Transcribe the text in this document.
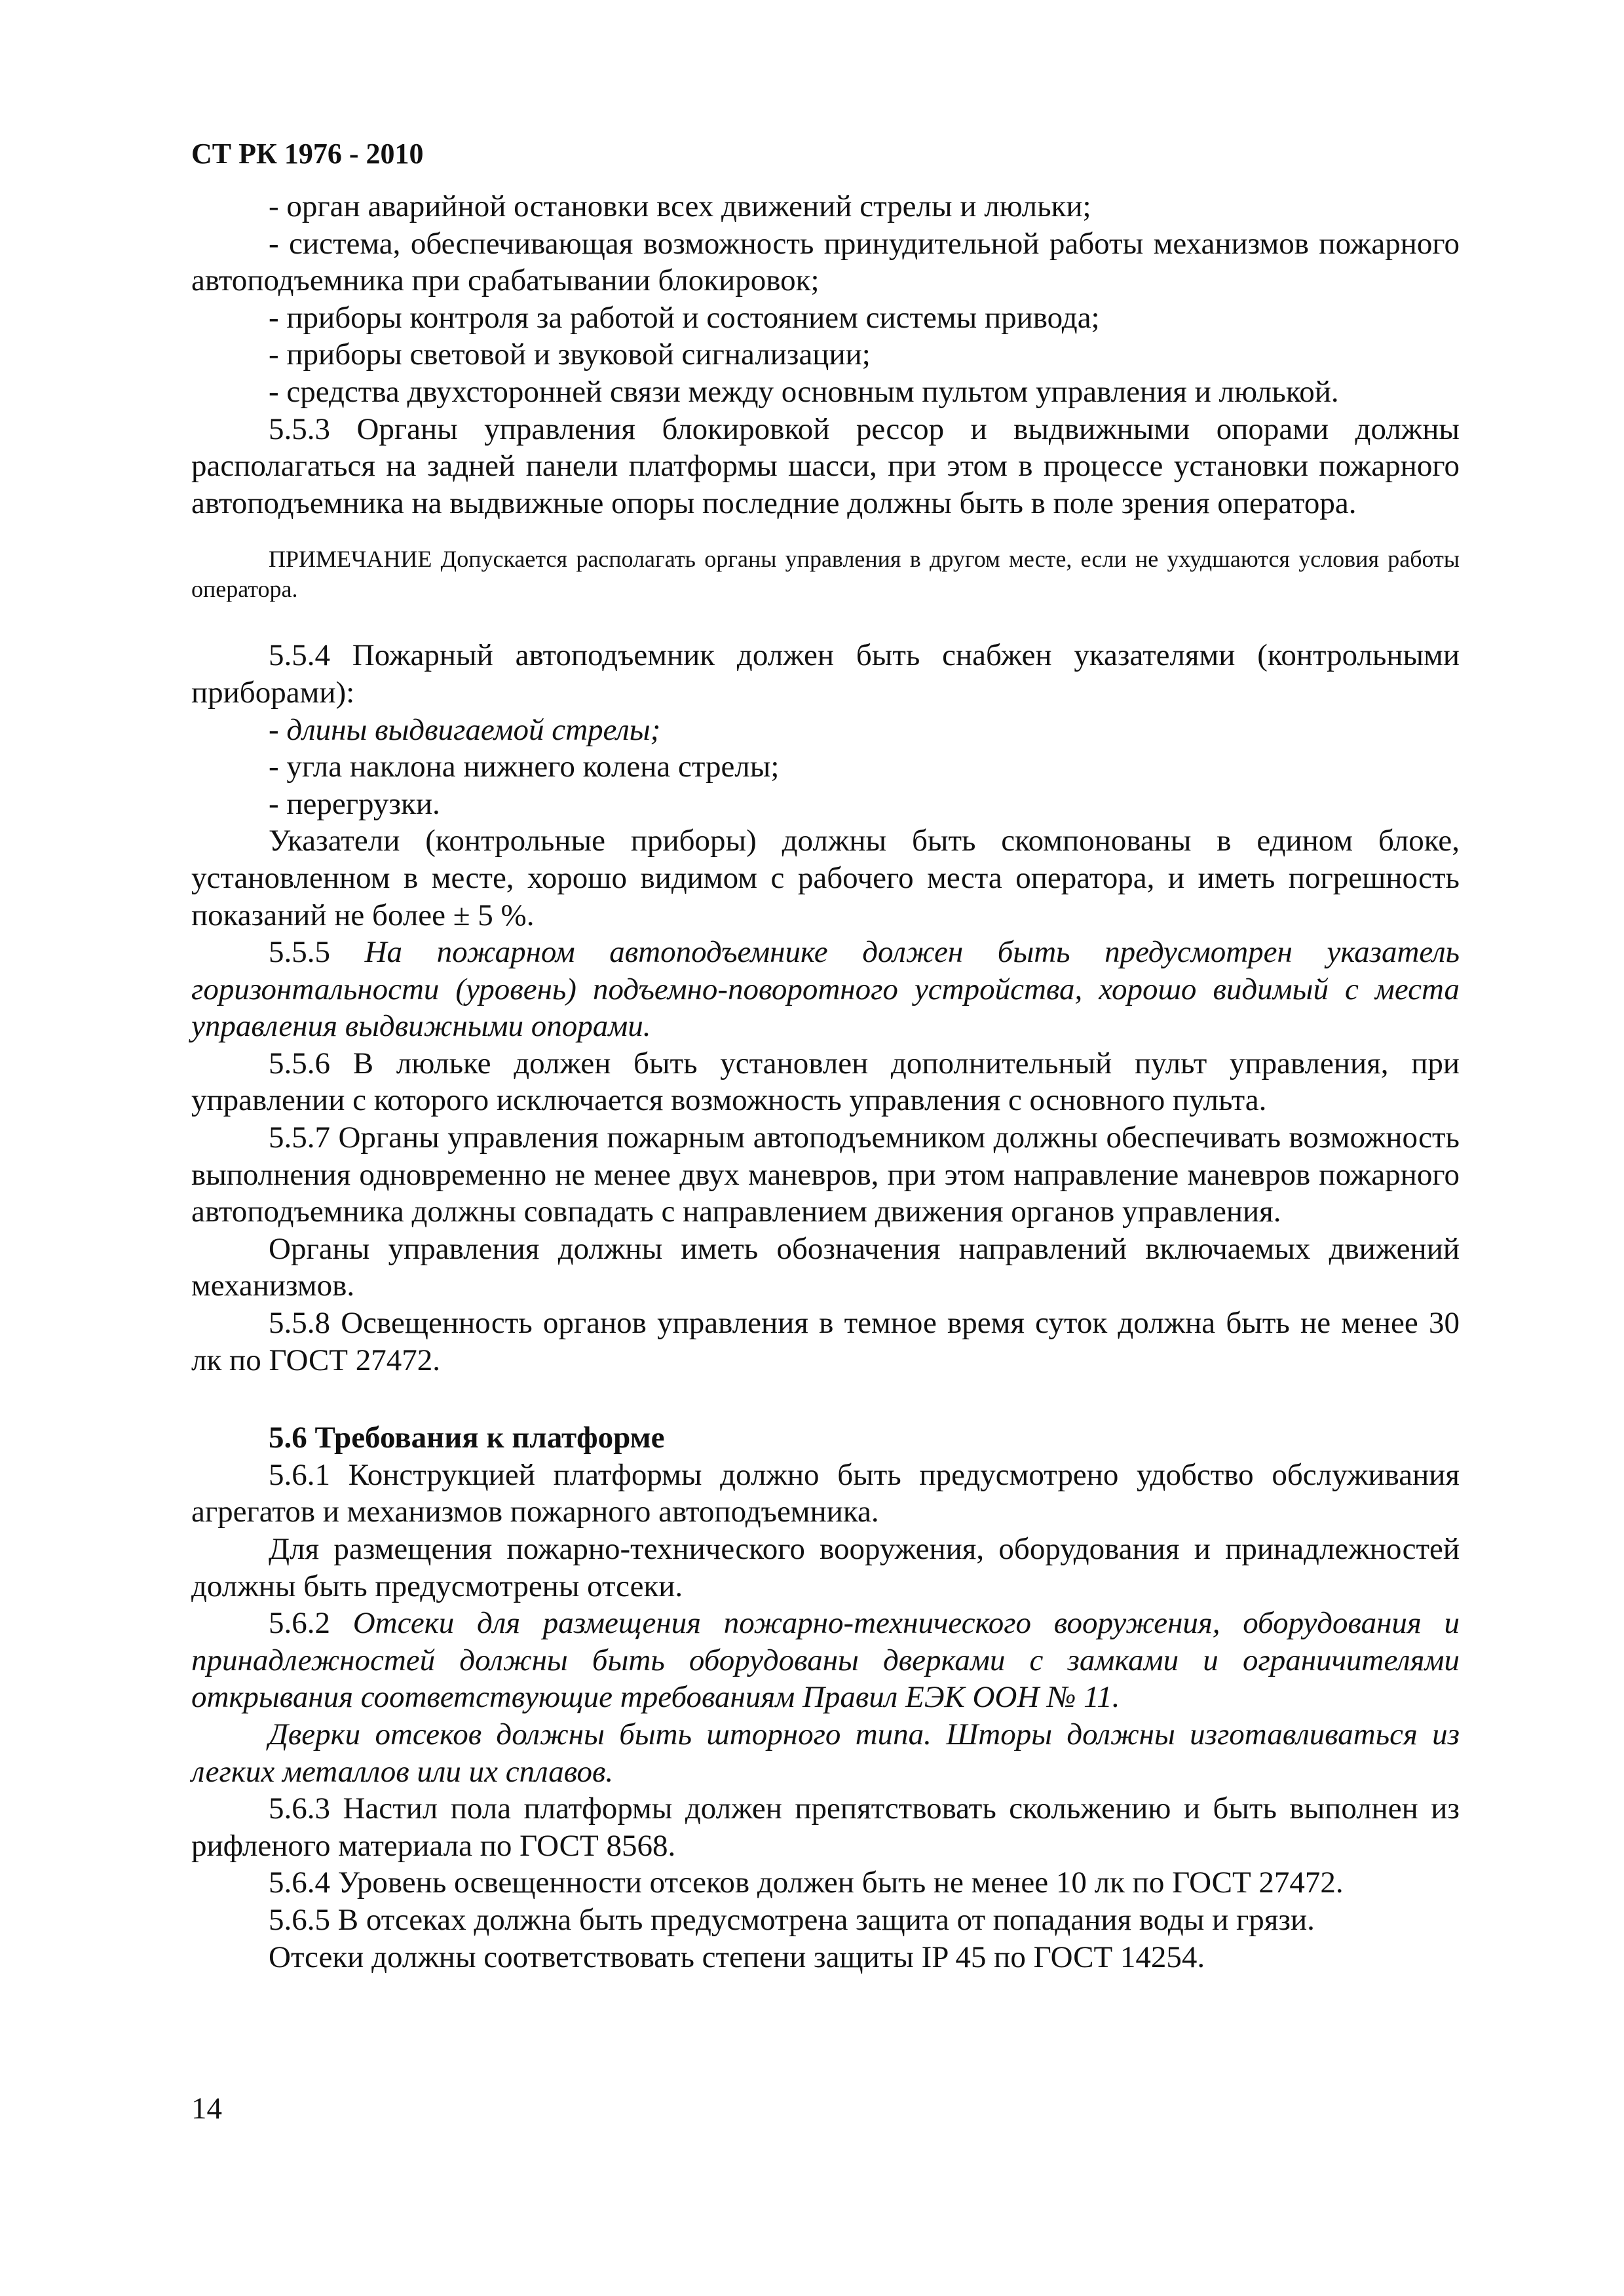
СТ РК 1976 - 2010

- орган аварийной остановки всех движений стрелы и люльки;

- система, обеспечивающая возможность принудительной работы механизмов пожарного автоподъемника при срабатывании блокировок;

- приборы контроля за работой и состоянием системы привода;

- приборы световой и звуковой сигнализации;

- средства двухсторонней связи между основным пультом управления и люлькой.

5.5.3 Органы управления блокировкой рессор и выдвижными опорами должны располагаться на задней панели платформы шасси, при этом в процессе установки пожарного автоподъемника на выдвижные опоры последние должны быть в поле зрения оператора.

ПРИМЕЧАНИЕ Допускается располагать органы управления в другом месте, если не ухудшаются условия работы оператора.

5.5.4 Пожарный автоподъемник должен быть снабжен указателями (контрольными приборами):

- длины выдвигаемой стрелы;

- угла наклона нижнего колена стрелы;

- перегрузки.

Указатели (контрольные приборы) должны быть скомпонованы в едином блоке, установленном в месте, хорошо видимом с рабочего места оператора, и иметь погрешность показаний не более ± 5 %.

5.5.5 На пожарном автоподъемнике должен быть предусмотрен указатель горизонтальности (уровень) подъемно-поворотного устройства, хорошо видимый с места управления выдвижными опорами.

5.5.6 В люльке должен быть установлен дополнительный пульт управления, при управлении с которого исключается возможность управления с основного пульта.

5.5.7 Органы управления пожарным автоподъемником должны обеспечивать возможность выполнения одновременно не менее двух маневров, при этом направление маневров пожарного автоподъемника должны совпадать с направлением движения органов управления.

Органы управления должны иметь обозначения направлений включаемых движений механизмов.

5.5.8 Освещенность органов управления в темное время суток должна быть не менее 30 лк по ГОСТ 27472.

5.6 Требования к платформе

5.6.1 Конструкцией платформы должно быть предусмотрено удобство обслуживания агрегатов и механизмов пожарного автоподъемника.

Для размещения пожарно-технического вооружения, оборудования и принадлежностей должны быть предусмотрены отсеки.

5.6.2 Отсеки для размещения пожарно-технического вооружения, оборудования и принадлежностей должны быть оборудованы дверками с замками и ограничителями открывания соответствующие требованиям Правил ЕЭК ООН № 11.

Дверки отсеков должны быть шторного типа. Шторы должны изготавливаться из легких металлов или их сплавов.

5.6.3 Настил пола платформы должен препятствовать скольжению и быть выполнен из рифленого материала по ГОСТ 8568.

5.6.4 Уровень освещенности отсеков должен быть не менее 10 лк по ГОСТ 27472.

5.6.5 В отсеках должна быть предусмотрена защита от попадания воды и грязи.

Отсеки должны соответствовать степени защиты IP 45 по ГОСТ 14254.

14
